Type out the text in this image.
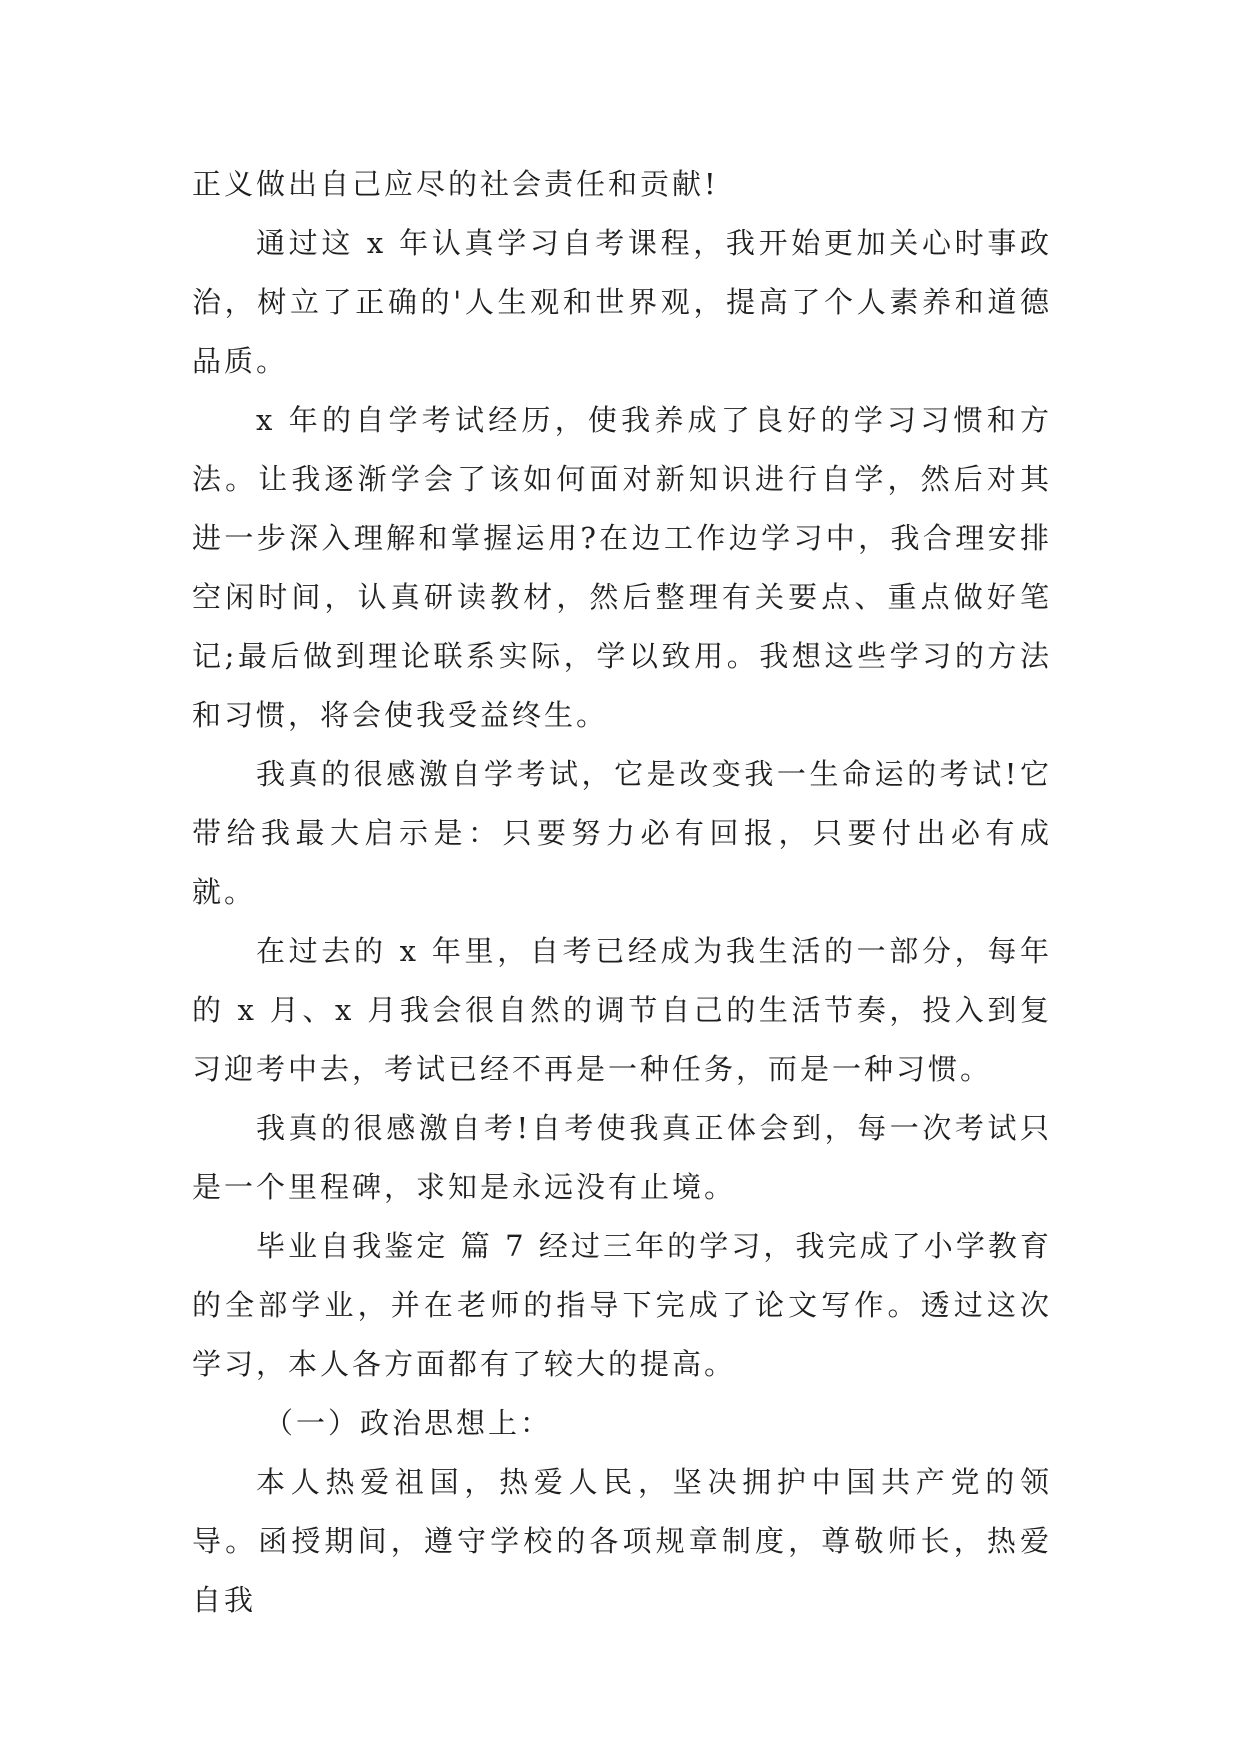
正义做出自己应尽的社会责任和贡献!

通过这 x 年认真学习自考课程，我开始更加关心时事政治，树立了正确的'人生观和世界观，提高了个人素养和道德品质。

x 年的自学考试经历，使我养成了良好的学习习惯和方法。让我逐渐学会了该如何面对新知识进行自学，然后对其进一步深入理解和掌握运用?在边工作边学习中，我合理安排空闲时间，认真研读教材，然后整理有关要点、重点做好笔记;最后做到理论联系实际，学以致用。我想这些学习的方法和习惯，将会使我受益终生。

我真的很感激自学考试，它是改变我一生命运的考试!它带给我最大启示是：只要努力必有回报，只要付出必有成就。

在过去的 x 年里，自考已经成为我生活的一部分，每年的 x 月、x 月我会很自然的调节自己的生活节奏，投入到复习迎考中去，考试已经不再是一种任务，而是一种习惯。

我真的很感激自考!自考使我真正体会到，每一次考试只是一个里程碑，求知是永远没有止境。

毕业自我鉴定 篇 7 经过三年的学习，我完成了小学教育的全部学业，并在老师的指导下完成了论文写作。透过这次学习，本人各方面都有了较大的提高。

（一）政治思想上：

本人热爱祖国，热爱人民，坚决拥护中国共产党的领导。函授期间，遵守学校的各项规章制度，尊敬师长，热爱自我
